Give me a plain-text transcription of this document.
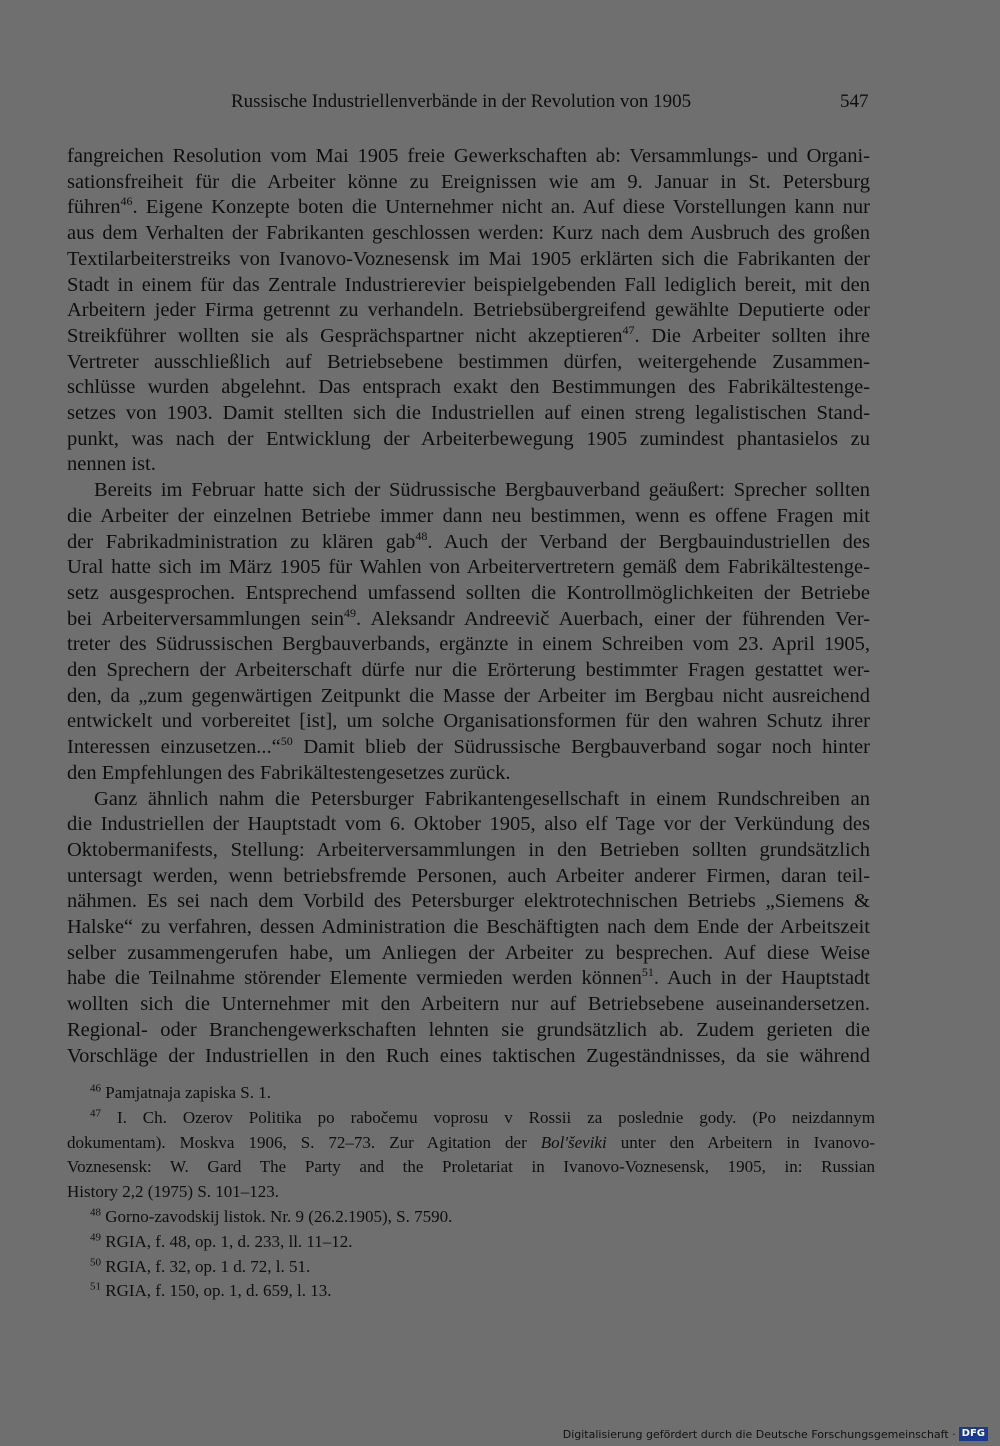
Russische Industriellenverbände in der Revolution von 1905	547
fangreichen Resolution vom Mai 1905 freie Gewerkschaften ab: Versammlungs- und Organi-
sationsfreiheit für die Arbeiter könne zu Ereignissen wie am 9. Januar in St. Petersburg
führen$^{46}$. Eigene Konzepte boten die Unternehmer nicht an. Auf diese Vorstellungen kann nur
aus dem Verhalten der Fabrikanten geschlossen werden: Kurz nach dem Ausbruch des großen
Textilarbeiterstreiks von Ivanovo-Voznesensk im Mai 1905 erklärten sich die Fabrikanten der
Stadt in einem für das Zentrale Industrierevier beispielgebenden Fall lediglich bereit, mit den
Arbeitern jeder Firma getrennt zu verhandeln. Betriebsübergreifend gewählte Deputierte oder
Streikführer wollten sie als Gesprächspartner nicht akzeptieren$^{47}$. Die Arbeiter sollten ihre
Vertreter ausschließlich auf Betriebsebene bestimmen dürfen, weitergehende Zusammen-
schlüsse wurden abgelehnt. Das entsprach exakt den Bestimmungen des Fabrikältestenge-
setzes von 1903. Damit stellten sich die Industriellen auf einen streng legalistischen Stand-
punkt, was nach der Entwicklung der Arbeiterbewegung 1905 zumindest phantasielos zu
nennen ist.
Bereits im Februar hatte sich der Südrussische Bergbauverband geäußert: Sprecher sollten
die Arbeiter der einzelnen Betriebe immer dann neu bestimmen, wenn es offene Fragen mit
der Fabrikadministration zu klären gab$^{48}$. Auch der Verband der Bergbauindustriellen des
Ural hatte sich im März 1905 für Wahlen von Arbeitervertretern gemäß dem Fabrikältestenge-
setz ausgesprochen. Entsprechend umfassend sollten die Kontrollmöglichkeiten der Betriebe
bei Arbeiterversammlungen sein$^{49}$. Aleksandr Andreevič Auerbach, einer der führenden Ver-
treter des Südrussischen Bergbauverbands, ergänzte in einem Schreiben vom 23. April 1905,
den Sprechern der Arbeiterschaft dürfe nur die Erörterung bestimmter Fragen gestattet wer-
den, da „zum gegenwärtigen Zeitpunkt die Masse der Arbeiter im Bergbau nicht ausreichend
entwickelt und vorbereitet [ist], um solche Organisationsformen für den wahren Schutz ihrer
Interessen einzusetzen...“$^{50}$ Damit blieb der Südrussische Bergbauverband sogar noch hinter
den Empfehlungen des Fabrikältestengesetzes zurück.
Ganz ähnlich nahm die Petersburger Fabrikantengesellschaft in einem Rundschreiben an
die Industriellen der Hauptstadt vom 6. Oktober 1905, also elf Tage vor der Verkündung des
Oktobermanifests, Stellung: Arbeiterversammlungen in den Betrieben sollten grundsätzlich
untersagt werden, wenn betriebsfremde Personen, auch Arbeiter anderer Firmen, daran teil-
nähmen. Es sei nach dem Vorbild des Petersburger elektrotechnischen Betriebs „Siemens &
Halske“ zu verfahren, dessen Administration die Beschäftigten nach dem Ende der Arbeitszeit
selber zusammengerufen habe, um Anliegen der Arbeiter zu besprechen. Auf diese Weise
habe die Teilnahme störender Elemente vermieden werden können$^{51}$. Auch in der Hauptstadt
wollten sich die Unternehmer mit den Arbeitern nur auf Betriebsebene auseinandersetzen.
Regional- oder Branchengewerkschaften lehnten sie grundsätzlich ab. Zudem gerieten die
Vorschläge der Industriellen in den Ruch eines taktischen Zugeständnisses, da sie während
$^{46}$ Pamjatnaja zapiska S. 1.
$^{47}$ I. Ch. Ozerov Politika po rabočemu voprosu v Rossii za poslednie gody. (Po neizdannym
dokumentam). Moskva 1906, S. 72–73. Zur Agitation der Bol'ševiki unter den Arbeitern in Ivanovo-
Voznesensk: W. Gard The Party and the Proletariat in Ivanovo-Voznesensk, 1905, in: Russian
History 2,2 (1975) S. 101–123.
$^{48}$ Gorno-zavodskij listok. Nr. 9 (26.2.1905), S. 7590.
$^{49}$ RGIA, f. 48, op. 1, d. 233, ll. 11–12.
$^{50}$ RGIA, f. 32, op. 1 d. 72, l. 51.
$^{51}$ RGIA, f. 150, op. 1, d. 659, l. 13.
Digitalisierung gefördert durch die Deutsche Forschungsgemeinschaft · DFG
